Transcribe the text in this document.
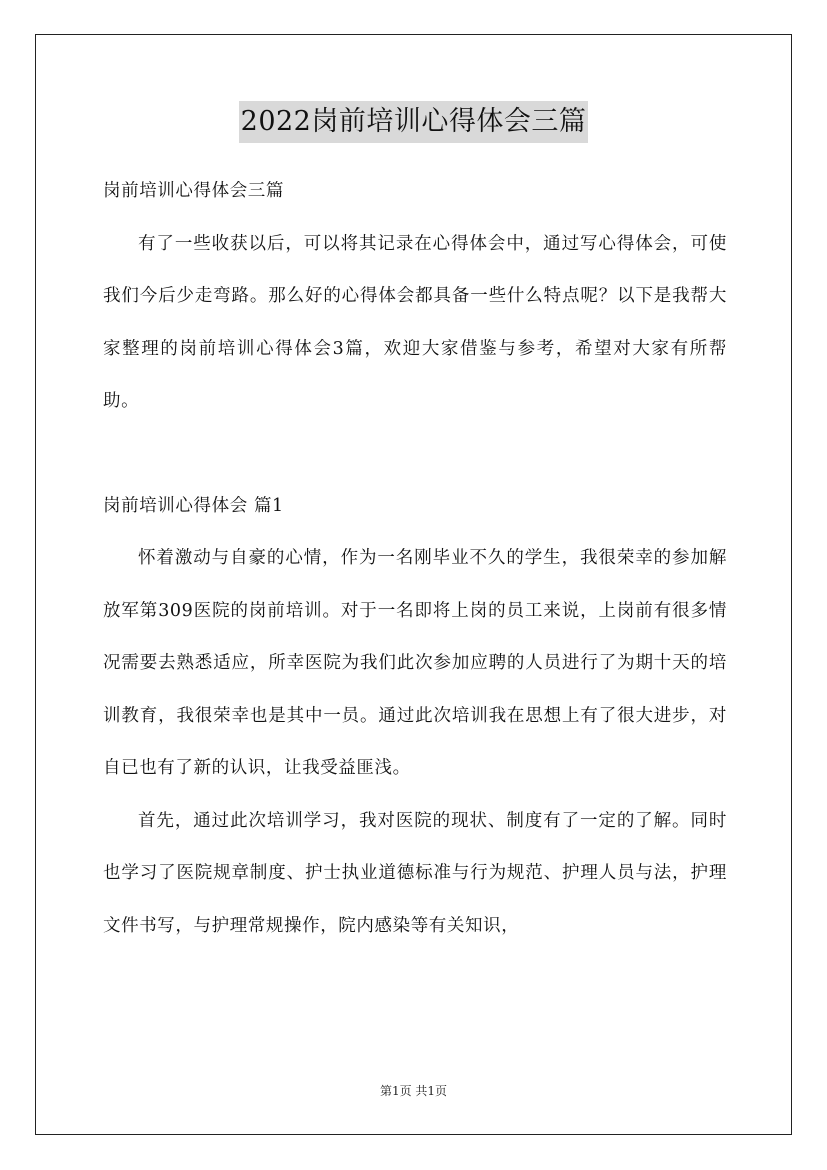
2022岗前培训心得体会三篇

岗前培训心得体会三篇

有了一些收获以后，可以将其记录在心得体会中，通过写心得体会，可使我们今后少走弯路。那么好的心得体会都具备一些什么特点呢？以下是我帮大家整理的岗前培训心得体会3篇，欢迎大家借鉴与参考，希望对大家有所帮助。

岗前培训心得体会 篇1

怀着激动与自豪的心情，作为一名刚毕业不久的学生，我很荣幸的参加解放军第309医院的岗前培训。对于一名即将上岗的员工来说，上岗前有很多情况需要去熟悉适应，所幸医院为我们此次参加应聘的人员进行了为期十天的培训教育，我很荣幸也是其中一员。通过此次培训我在思想上有了很大进步，对自已也有了新的认识，让我受益匪浅。

首先，通过此次培训学习，我对医院的现状、制度有了一定的了解。同时也学习了医院规章制度、护士执业道德标准与行为规范、护理人员与法，护理文件书写，与护理常规操作，院内感染等有关知识，

第1页 共1页
